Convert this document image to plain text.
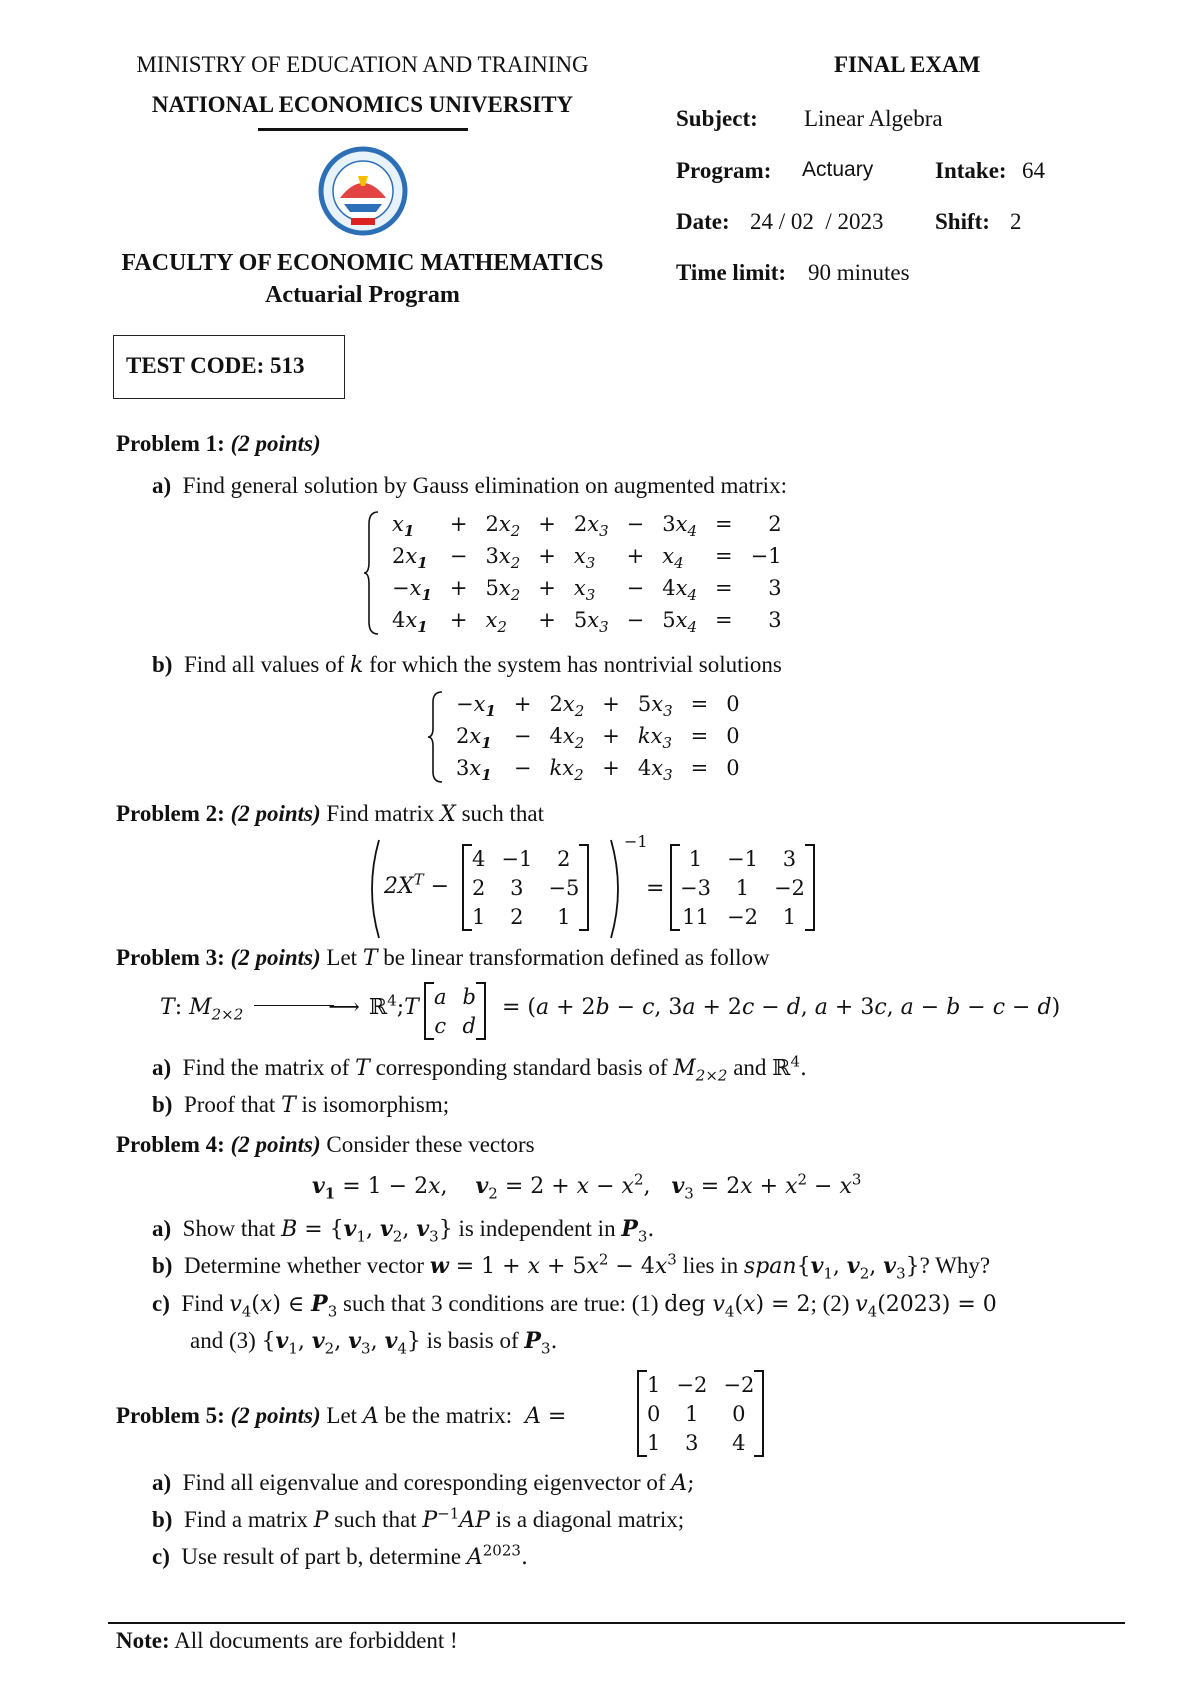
MINISTRY OF EDUCATION AND TRAINING
NATIONAL ECONOMICS UNIVERSITY
FACULTY OF ECONOMIC MATHEMATICS
Actuarial Program
FINAL EXAM
Subject: Linear Algebra
Program: Actuary	Intake: 64
Date: 24 / 02  / 2023 Shift: 2
Time limit: 90 minutes
TEST CODE: 513
Problem 1: (2 points)
a) Find general solution by Gauss elimination on augmented matrix:
$x_1$	+	$2x_2$	+	$2x_3$	−	$3x_4$	=	2
$2x_1$	−	$3x_2$	+	$x_3$	+	$x_4$	=	−1
$-x_1$	+	$5x_2$	+	$x_3$	−	$4x_4$	=	3
$4x_1$	+	$x_2$	+	$5x_3$	−	$5x_4$	=	3
b) Find all values of k for which the system has nontrivial solutions
$-x_1$	+	$2x_2$	+	$5x_3$	=	0
$2x_1$	−	$4x_2$	+	$kx_3$	=	0
$3x_1$	−	$kx_2$	+	$4x_3$	=	0
Problem 2: (2 points) Find matrix X such that
$2X^T$ −
4	−1	2
2	3	−5
1	2	1
−1
=
1	−1	3
−3	1	−2
11	−2	1
Problem 3: (2 points) Let T be linear transformation defined as follow
T: $M_{2\times 2}$	⟶ ℝ$^4$;T a	b
c	d
= (a + 2b − c, 3a + 2c − d, a + 3c, a − b − c − d)
a) Find the matrix of T corresponding standard basis of $M_{2\times 2}$ and ℝ$^4$.
b) Proof that T is isomorphism;
Problem 4: (2 points) Consider these vectors
$v_1 = 1 - 2x$,    $v_2 = 2 + x - x^2$,   $v_3 = 2x + x^2 - x^3$
a) Show that $B = \{v_1$, $v_2$, $v_3$} is independent in $P_3$.
b) Determine whether vector $w = 1 + x + 5x^2 - 4x^3$ lies in $span\{v_1$, $v_2$, $v_3$}? Why?
c) Find $v_4(x)$ ∈ $P_3$ such that 3 conditions are true: (1) deg $v_4(x) = 2$; (2) $v_4(2023) = 0$
and (3) {$v_1$, $v_2$, $v_3$, $v_4$} is basis of $P_3$.
Problem 5: (2 points) Let A be the matrix:  A =
1	−2	−2
0	1	0
1	3	4
a) Find all eigenvalue and coresponding eigenvector of A;
b) Find a matrix P such that $P^{-1}AP$ is a diagonal matrix;
c) Use result of part b, determine $A^{2023}$.
Note: All documents are forbiddent !
